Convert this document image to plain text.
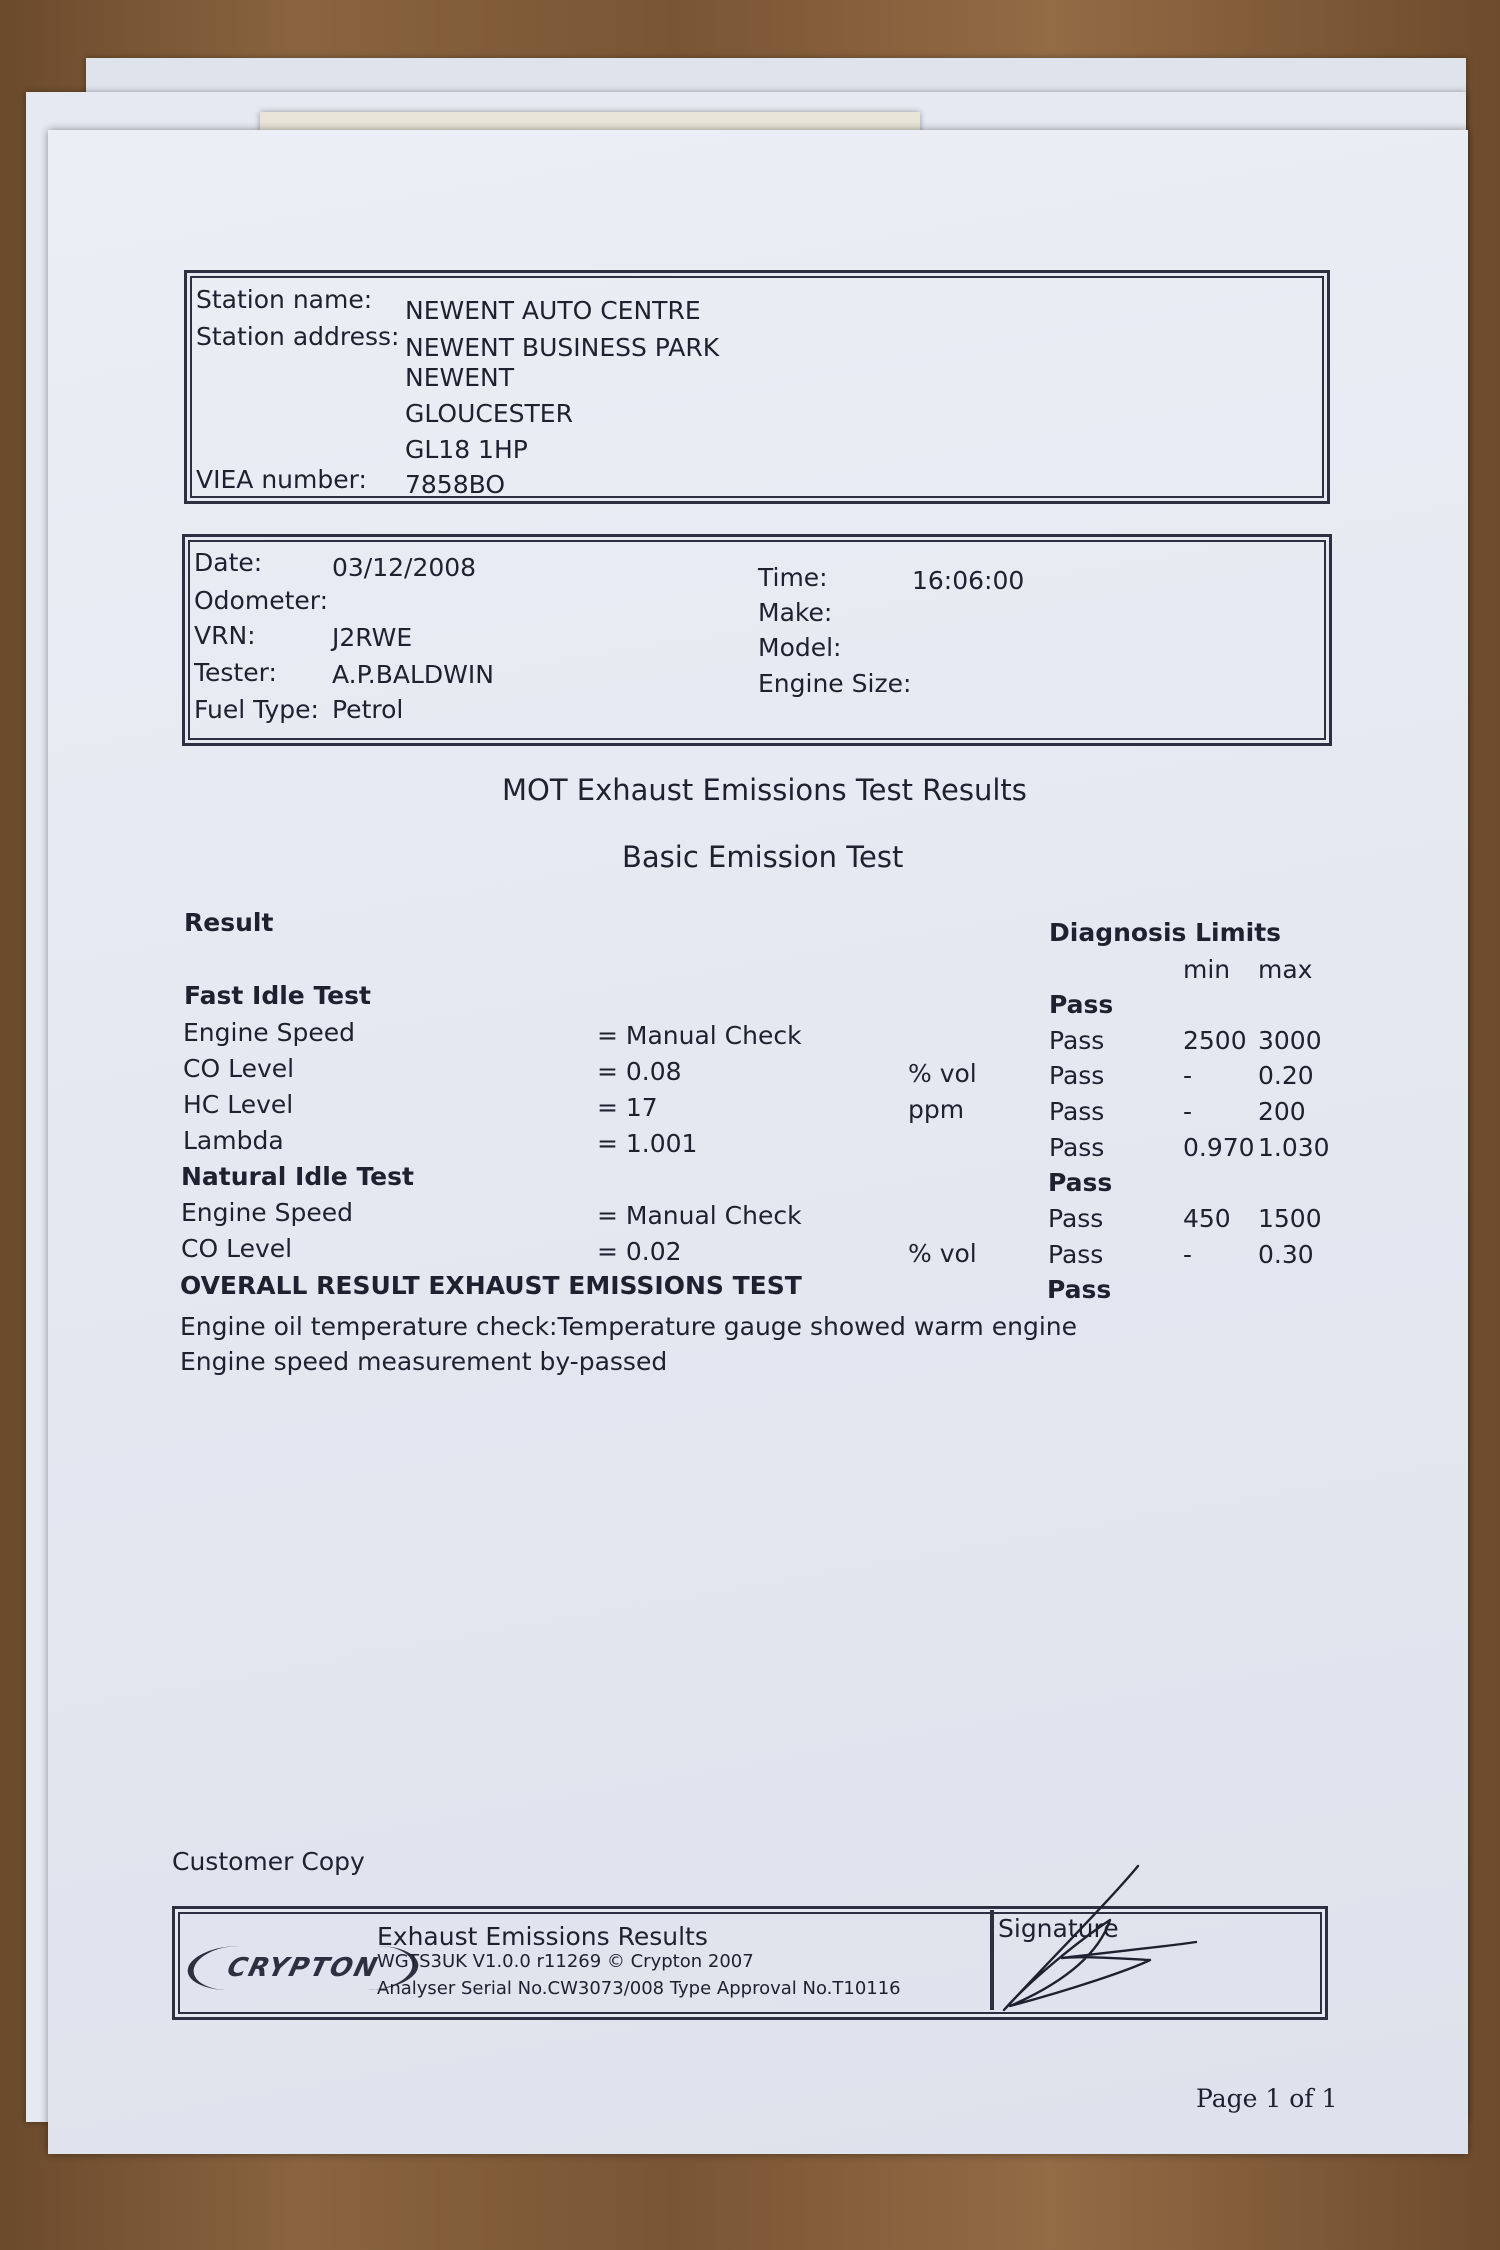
Station name: NEWENT AUTO CENTRE
Station address: NEWENT BUSINESS PARK
NEWENT
GLOUCESTER
GL18 1HP
VIEA number: 7858BO
Date:	03/12/2008
Odometer:
VRN:	J2RWE
Tester: A.P.BALDWIN
Fuel Type: Petrol
Time:	16:06:00
Make:
Model:
Engine Size:
MOT Exhaust Emissions Test Results
Basic Emission Test
Result	Diagnosis Limits
min max
Fast Idle Test	Pass
Engine Speed	= Manual Check	Pass	2500 3000
CO Level	= 0.08	% vol	Pass	-	0.20
HC Level	= 17	ppm	Pass	-	200
Lambda	= 1.001	Pass	0.970 1.030
Natural Idle Test	Pass
Engine Speed	= Manual Check	Pass	450 1500
CO Level	= 0.02	% vol	Pass	-	0.30
OVERALL RESULT EXHAUST EMISSIONS TEST	Pass
Engine oil temperature check:Temperature gauge showed warm engine
Engine speed measurement by-passed
Customer Copy
CRYPTON
Exhaust Emissions Results
WGTS3UK V1.0.0 r11269 © Crypton 2007
Analyser Serial No.CW3073/008 Type Approval No.T10116
Signature
Page 1 of 1
